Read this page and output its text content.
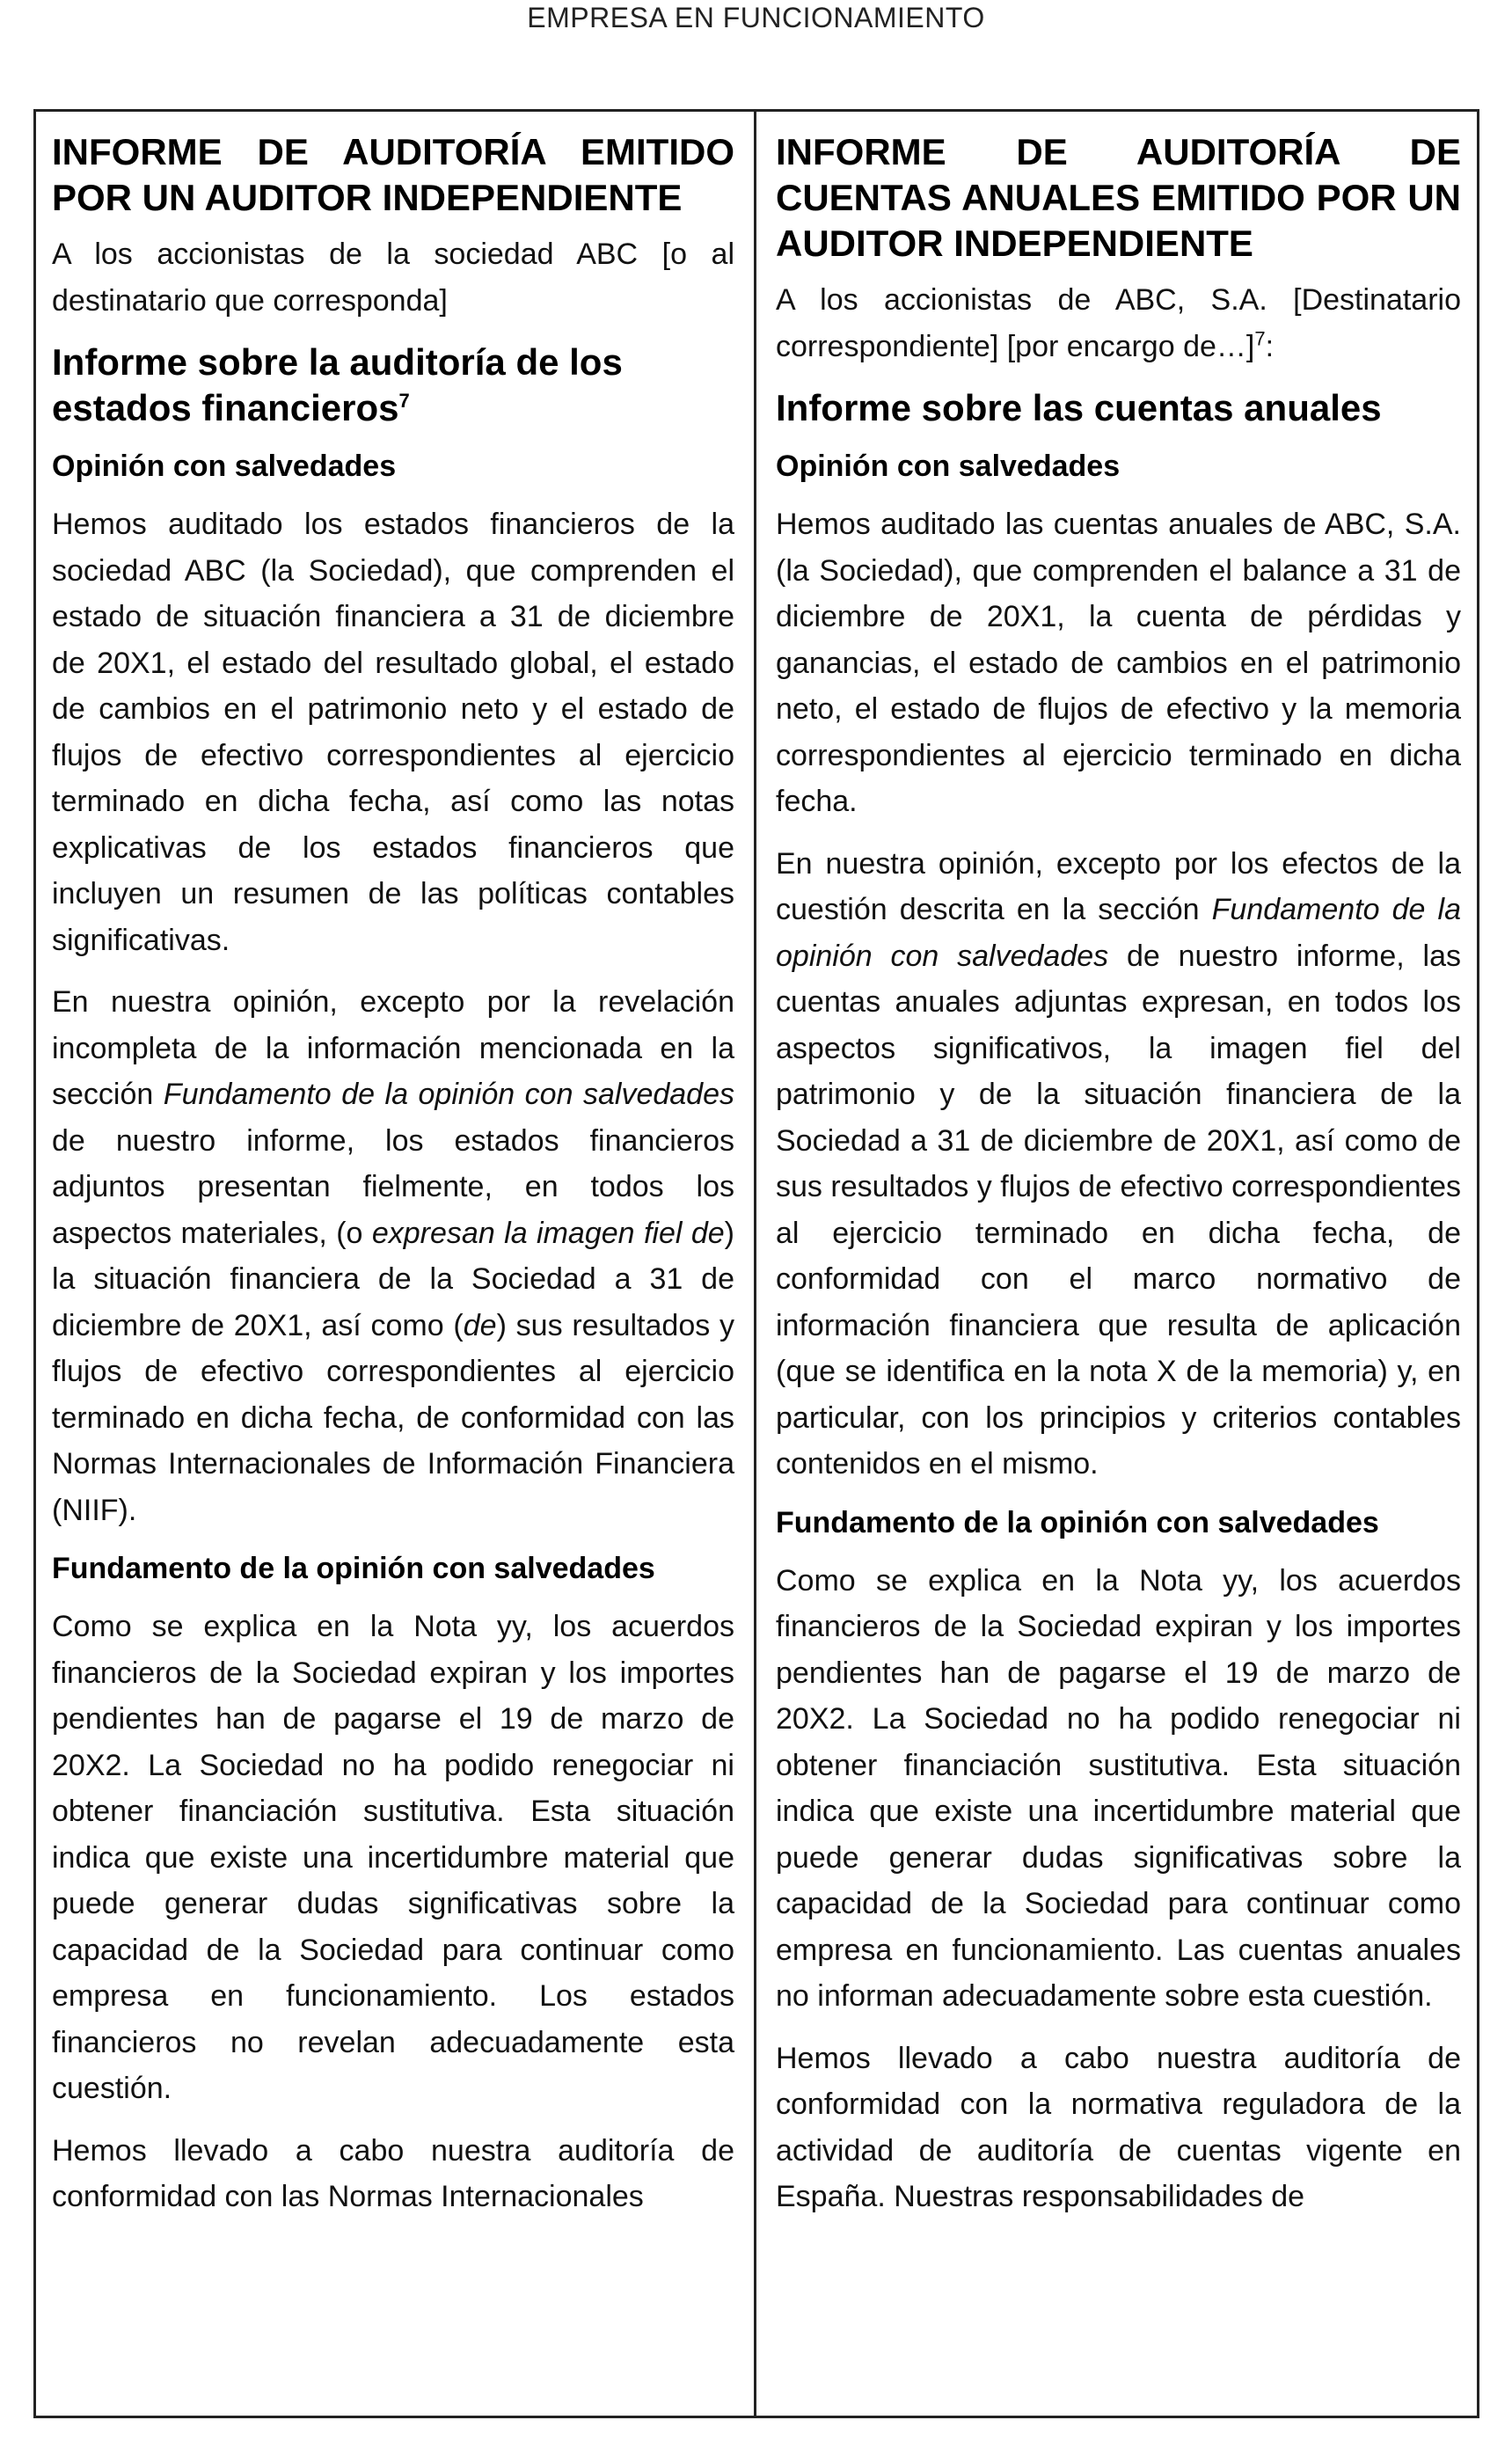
EMPRESA EN FUNCIONAMIENTO
INFORME DE AUDITORÍA EMITIDO POR UN AUDITOR INDEPENDIENTE

A los accionistas de la sociedad ABC [o al destinatario que corresponda]

Informe sobre la auditoría de los estados financieros$^7$
Opinión con salvedades

Hemos auditado los estados financieros de la sociedad ABC (la Sociedad), que comprenden el estado de situación financiera a 31 de diciembre de 20X1, el estado del resultado global, el estado de cambios en el patrimonio neto y el estado de flujos de efectivo correspondientes al ejercicio terminado en dicha fecha, así como las notas explicativas de los estados financieros que incluyen un resumen de las políticas contables significativas.

En nuestra opinión, excepto por la revelación incompleta de la información mencionada en la sección Fundamento de la opinión con salvedades de nuestro informe, los estados financieros adjuntos presentan fielmente, en todos los aspectos materiales, (o expresan la imagen fiel de) la situación financiera de la Sociedad a 31 de diciembre de 20X1, así como (de) sus resultados y flujos de efectivo correspondientes al ejercicio terminado en dicha fecha, de conformidad con las Normas Internacionales de Información Financiera (NIIF).

Fundamento de la opinión con salvedades

Como se explica en la Nota yy, los acuerdos financieros de la Sociedad expiran y los importes pendientes han de pagarse el 19 de marzo de 20X2. La Sociedad no ha podido renegociar ni obtener financiación sustitutiva. Esta situación indica que existe una incertidumbre material que puede generar dudas significativas sobre la capacidad de la Sociedad para continuar como empresa en funcionamiento. Los estados financieros no revelan adecuadamente esta cuestión.

Hemos llevado a cabo nuestra auditoría de conformidad con las Normas Internacionales

INFORME DE AUDITORÍA DE CUENTAS ANUALES EMITIDO POR UN AUDITOR INDEPENDIENTE

A los accionistas de ABC, S.A. [Destinatario correspondiente] [por encargo de…]$^7$:

Informe sobre las cuentas anuales
Opinión con salvedades

Hemos auditado las cuentas anuales de ABC, S.A. (la Sociedad), que comprenden el balance a 31 de diciembre de 20X1, la cuenta de pérdidas y ganancias, el estado de cambios en el patrimonio neto, el estado de flujos de efectivo y la memoria correspondientes al ejercicio terminado en dicha fecha.

En nuestra opinión, excepto por los efectos de la cuestión descrita en la sección Fundamento de la opinión con salvedades de nuestro informe, las cuentas anuales adjuntas expresan, en todos los aspectos significativos, la imagen fiel del patrimonio y de la situación financiera de la Sociedad a 31 de diciembre de 20X1, así como de sus resultados y flujos de efectivo correspondientes al ejercicio terminado en dicha fecha, de conformidad con el marco normativo de información financiera que resulta de aplicación (que se identifica en la nota X de la memoria) y, en particular, con los principios y criterios contables contenidos en el mismo.

Fundamento de la opinión con salvedades

Como se explica en la Nota yy, los acuerdos financieros de la Sociedad expiran y los importes pendientes han de pagarse el 19 de marzo de 20X2. La Sociedad no ha podido renegociar ni obtener financiación sustitutiva. Esta situación indica que existe una incertidumbre material que puede generar dudas significativas sobre la capacidad de la Sociedad para continuar como empresa en funcionamiento. Las cuentas anuales no informan adecuadamente sobre esta cuestión.

Hemos llevado a cabo nuestra auditoría de conformidad con la normativa reguladora de la actividad de auditoría de cuentas vigente en España. Nuestras responsabilidades de
